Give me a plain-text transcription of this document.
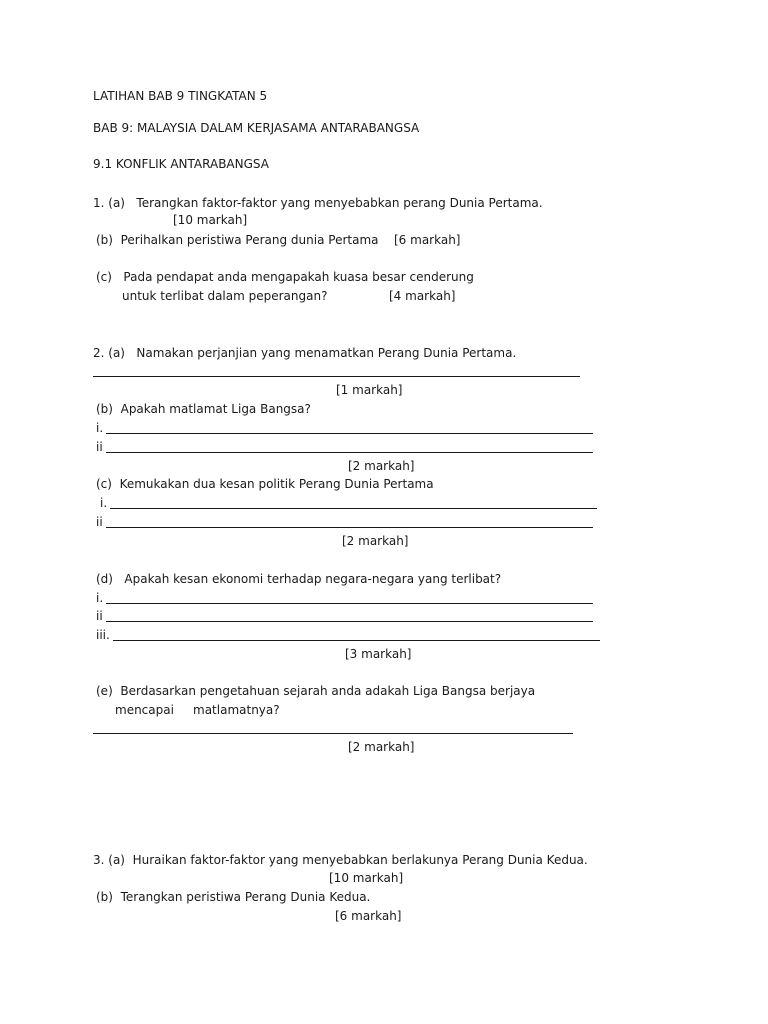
LATIHAN BAB 9 TINGKATAN 5
BAB 9: MALAYSIA DALAM KERJASAMA ANTARABANGSA
9.1 KONFLIK ANTARABANGSA
1. (a)   Terangkan faktor-faktor yang menyebabkan perang Dunia Pertama.
[10 markah]
(b)  Perihalkan peristiwa Perang dunia Pertama [6 markah]
(c)   Pada pendapat anda mengapakah kuasa besar cenderung
untuk terlibat dalam peperangan?	[4 markah]
2. (a)   Namakan perjanjian yang menamatkan Perang Dunia Pertama.
[1 markah]
(b)  Apakah matlamat Liga Bangsa?
i.
ii
[2 markah]
(c)  Kemukakan dua kesan politik Perang Dunia Pertama
i.
ii
[2 markah]
(d)   Apakah kesan ekonomi terhadap negara-negara yang terlibat?
i.
ii
iii.
[3 markah]
(e)  Berdasarkan pengetahuan sejarah anda adakah Liga Bangsa berjaya
mencapai     matlamatnya?
[2 markah]
3. (a)  Huraikan faktor-faktor yang menyebabkan berlakunya Perang Dunia Kedua.
[10 markah]
(b)  Terangkan peristiwa Perang Dunia Kedua.
[6 markah]
